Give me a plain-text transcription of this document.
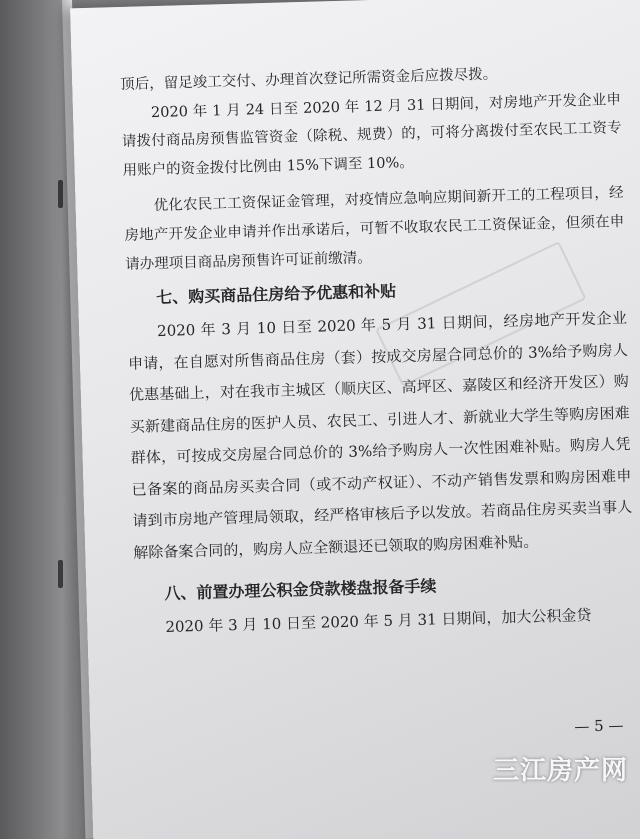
顶后，留足竣工交付、办理首次登记所需资金后应拨尽拨。

2020 年 1 月 24 日至 2020 年 12 月 31 日期间，对房地产开发企业申请拨付商品房预售监管资金（除税、规费）的，可将分离拨付至农民工工资专用账户的资金拨付比例由 15%下调至 10%。

优化农民工工资保证金管理，对疫情应急响应期间新开工的工程项目，经房地产开发企业申请并作出承诺后，可暂不收取农民工工资保证金，但须在申请办理项目商品房预售许可证前缴清。

七、购买商品住房给予优惠和补贴

2020 年 3 月 10 日至 2020 年 5 月 31 日期间，经房地产开发企业申请，在自愿对所售商品住房（套）按成交房屋合同总价的 3%给予购房人优惠基础上，对在我市主城区（顺庆区、高坪区、嘉陵区和经济开发区）购买新建商品住房的医护人员、农民工、引进人才、新就业大学生等购房困难群体，可按成交房屋合同总价的 3%给予购房人一次性困难补贴。购房人凭已备案的商品房买卖合同（或不动产权证）、不动产销售发票和购房困难申请到市房地产管理局领取，经严格审核后予以发放。若商品住房买卖当事人解除备案合同的，购房人应全额退还已领取的购房困难补贴。

八、前置办理公积金贷款楼盘报备手续

2020 年 3 月 10 日至 2020 年 5 月 31 日期间，加大公积金贷

— 5 —
三江房产网
